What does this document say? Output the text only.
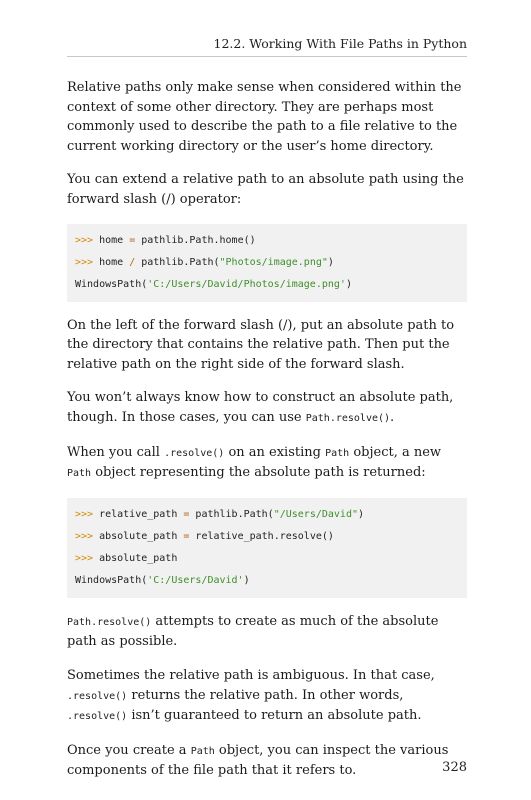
12.2. Working With File Paths in Python

Relative paths only make sense when considered within the context of some other directory. They are perhaps most commonly used to describe the path to a file relative to the current working directory or the user’s home directory.

You can extend a relative path to an absolute path using the forward slash (/) operator:

>>> home = pathlib.Path.home()
>>> home / pathlib.Path("Photos/image.png")
WindowsPath('C:/Users/David/Photos/image.png')

On the left of the forward slash (/), put an absolute path to the directory that contains the relative path. Then put the relative path on the right side of the forward slash.

You won’t always know how to construct an absolute path, though. In those cases, you can use Path.resolve().

When you call .resolve() on an existing Path object, a new Path object representing the absolute path is returned:

>>> relative_path = pathlib.Path("/Users/David")
>>> absolute_path = relative_path.resolve()
>>> absolute_path
WindowsPath('C:/Users/David')

Path.resolve() attempts to create as much of the absolute path as possible.

Sometimes the relative path is ambiguous. In that case, .resolve() returns the relative path. In other words, .resolve() isn’t guaranteed to return an absolute path.

Once you create a Path object, you can inspect the various components of the file path that it refers to.	328
